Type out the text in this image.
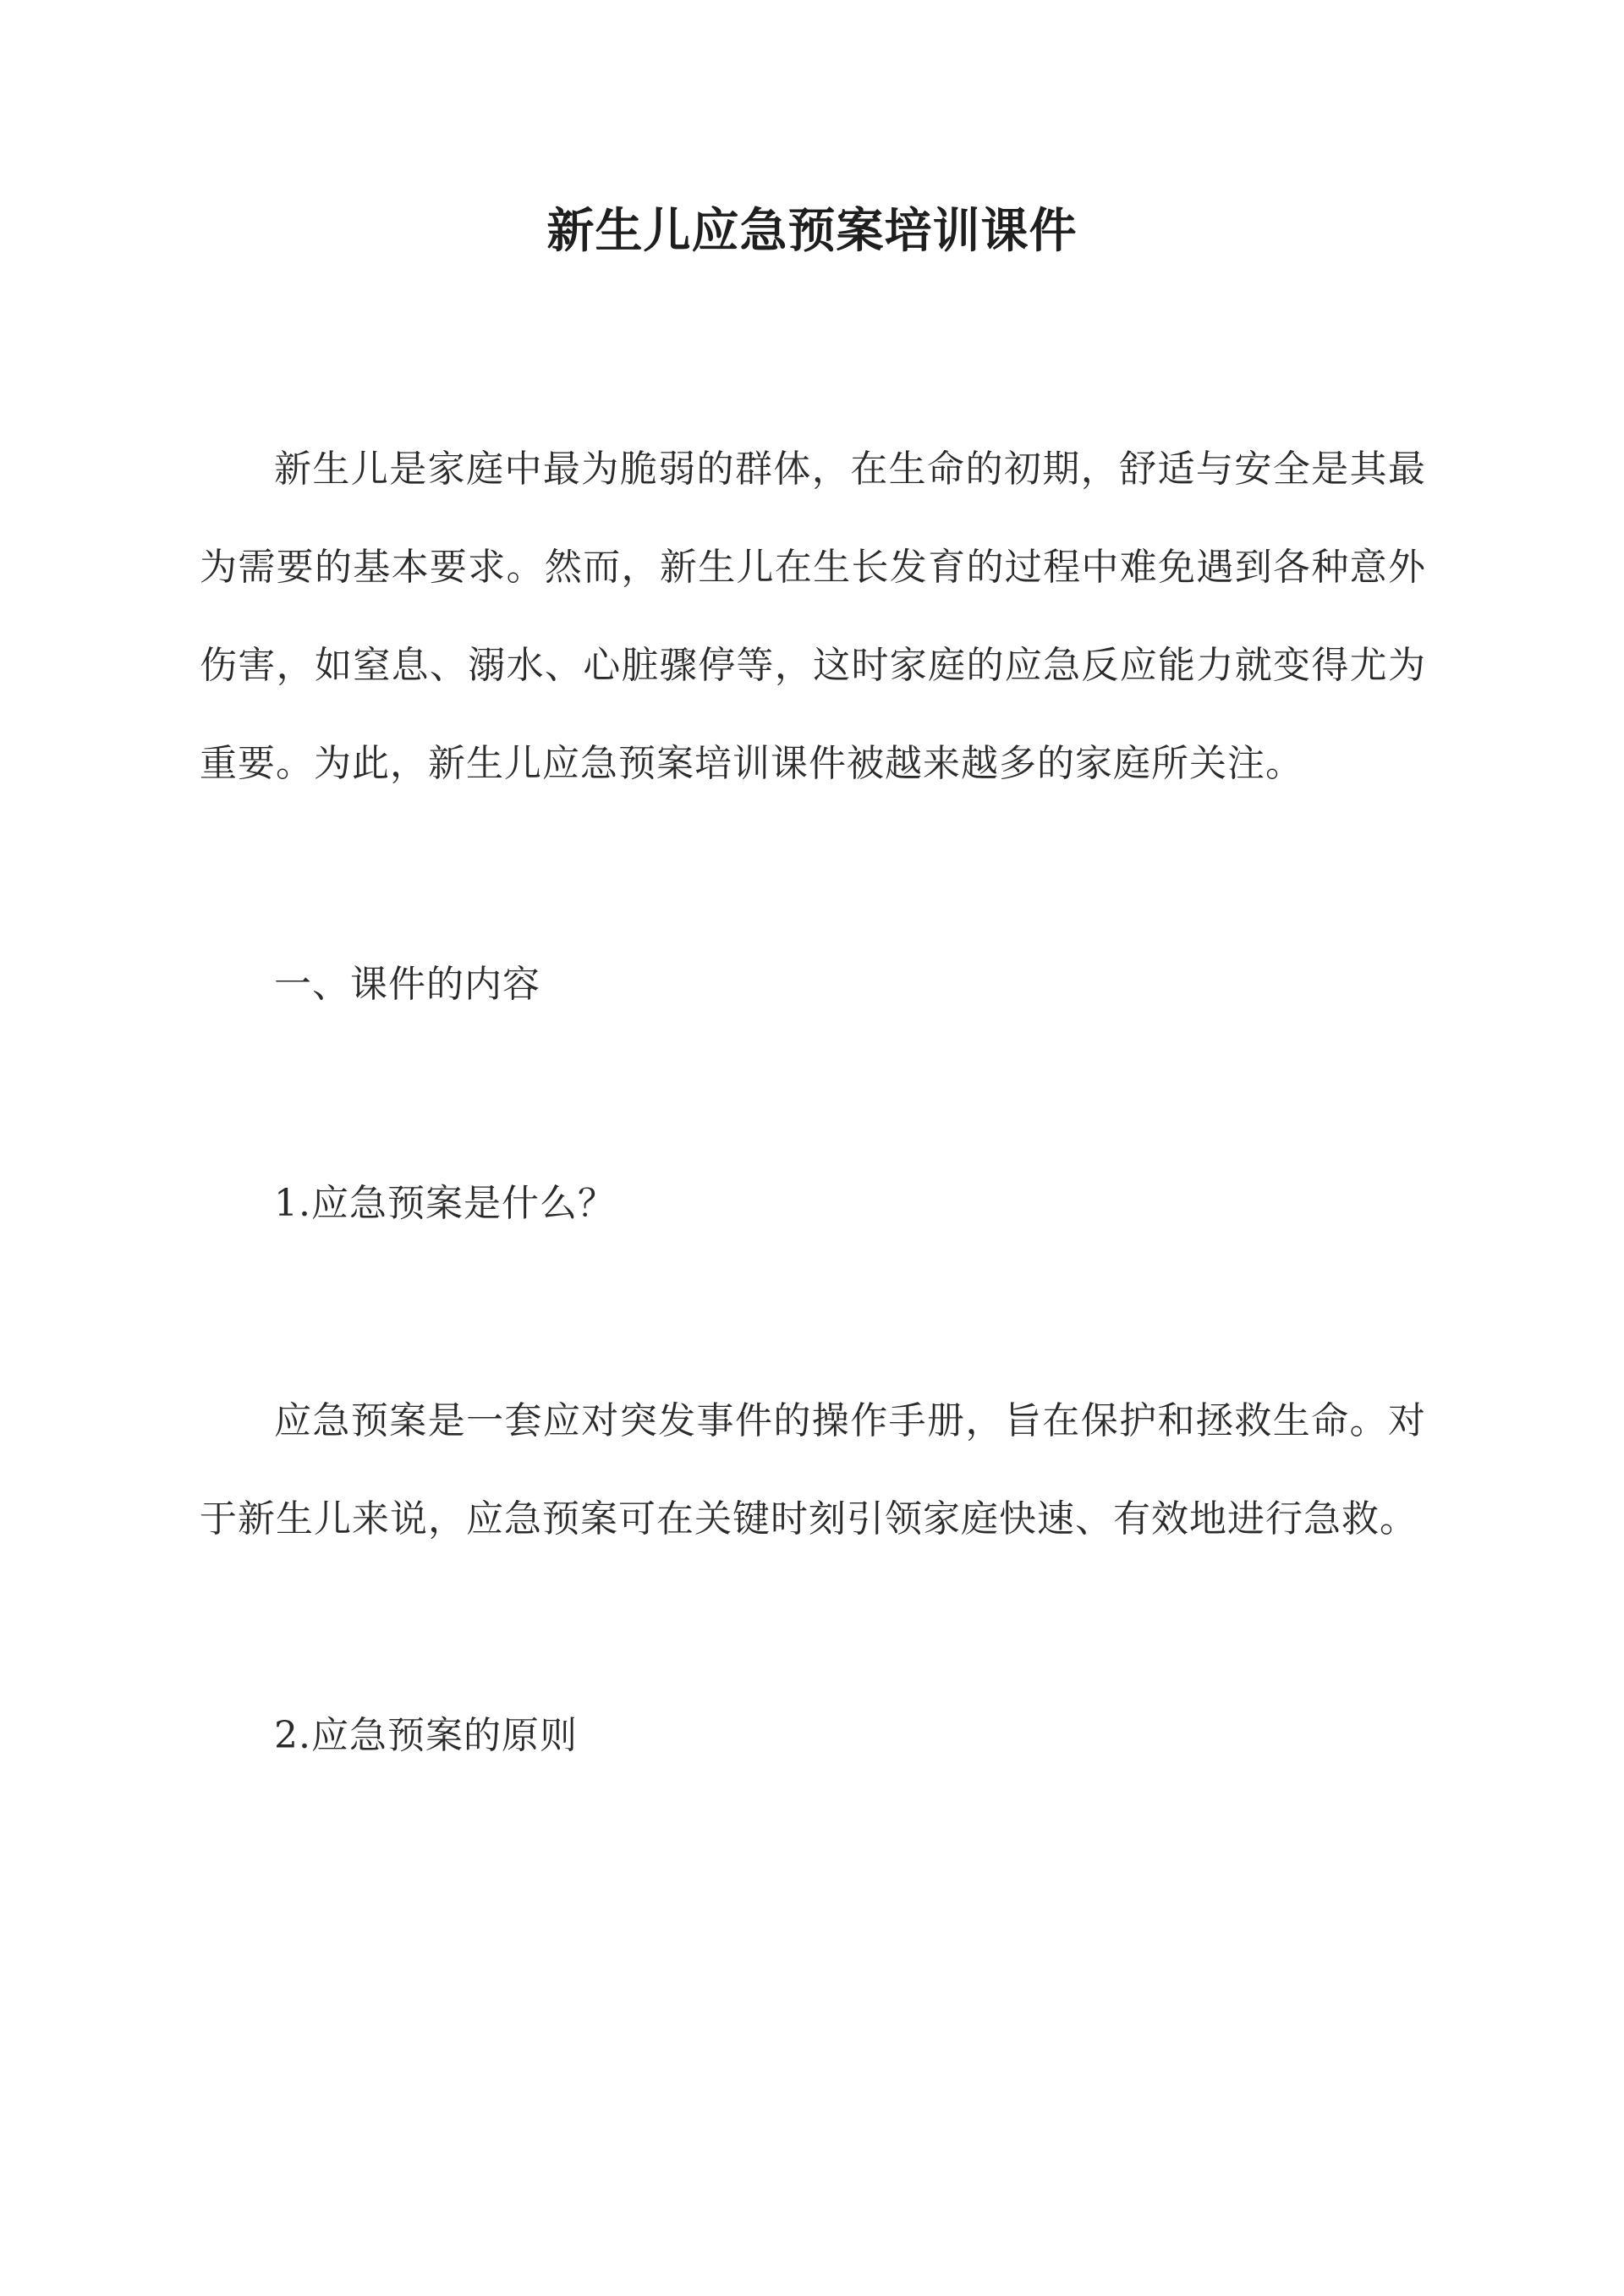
新生儿应急预案培训课件

新生儿是家庭中最为脆弱的群体，在生命的初期，舒适与安全是其最为需要的基本要求。然而，新生儿在生长发育的过程中难免遇到各种意外伤害，如窒息、溺水、心脏骤停等，这时家庭的应急反应能力就变得尤为重要。为此，新生儿应急预案培训课件被越来越多的家庭所关注。

一、课件的内容
1.应急预案是什么？

应急预案是一套应对突发事件的操作手册，旨在保护和拯救生命。对于新生儿来说，应急预案可在关键时刻引领家庭快速、有效地进行急救。

2.应急预案的原则
